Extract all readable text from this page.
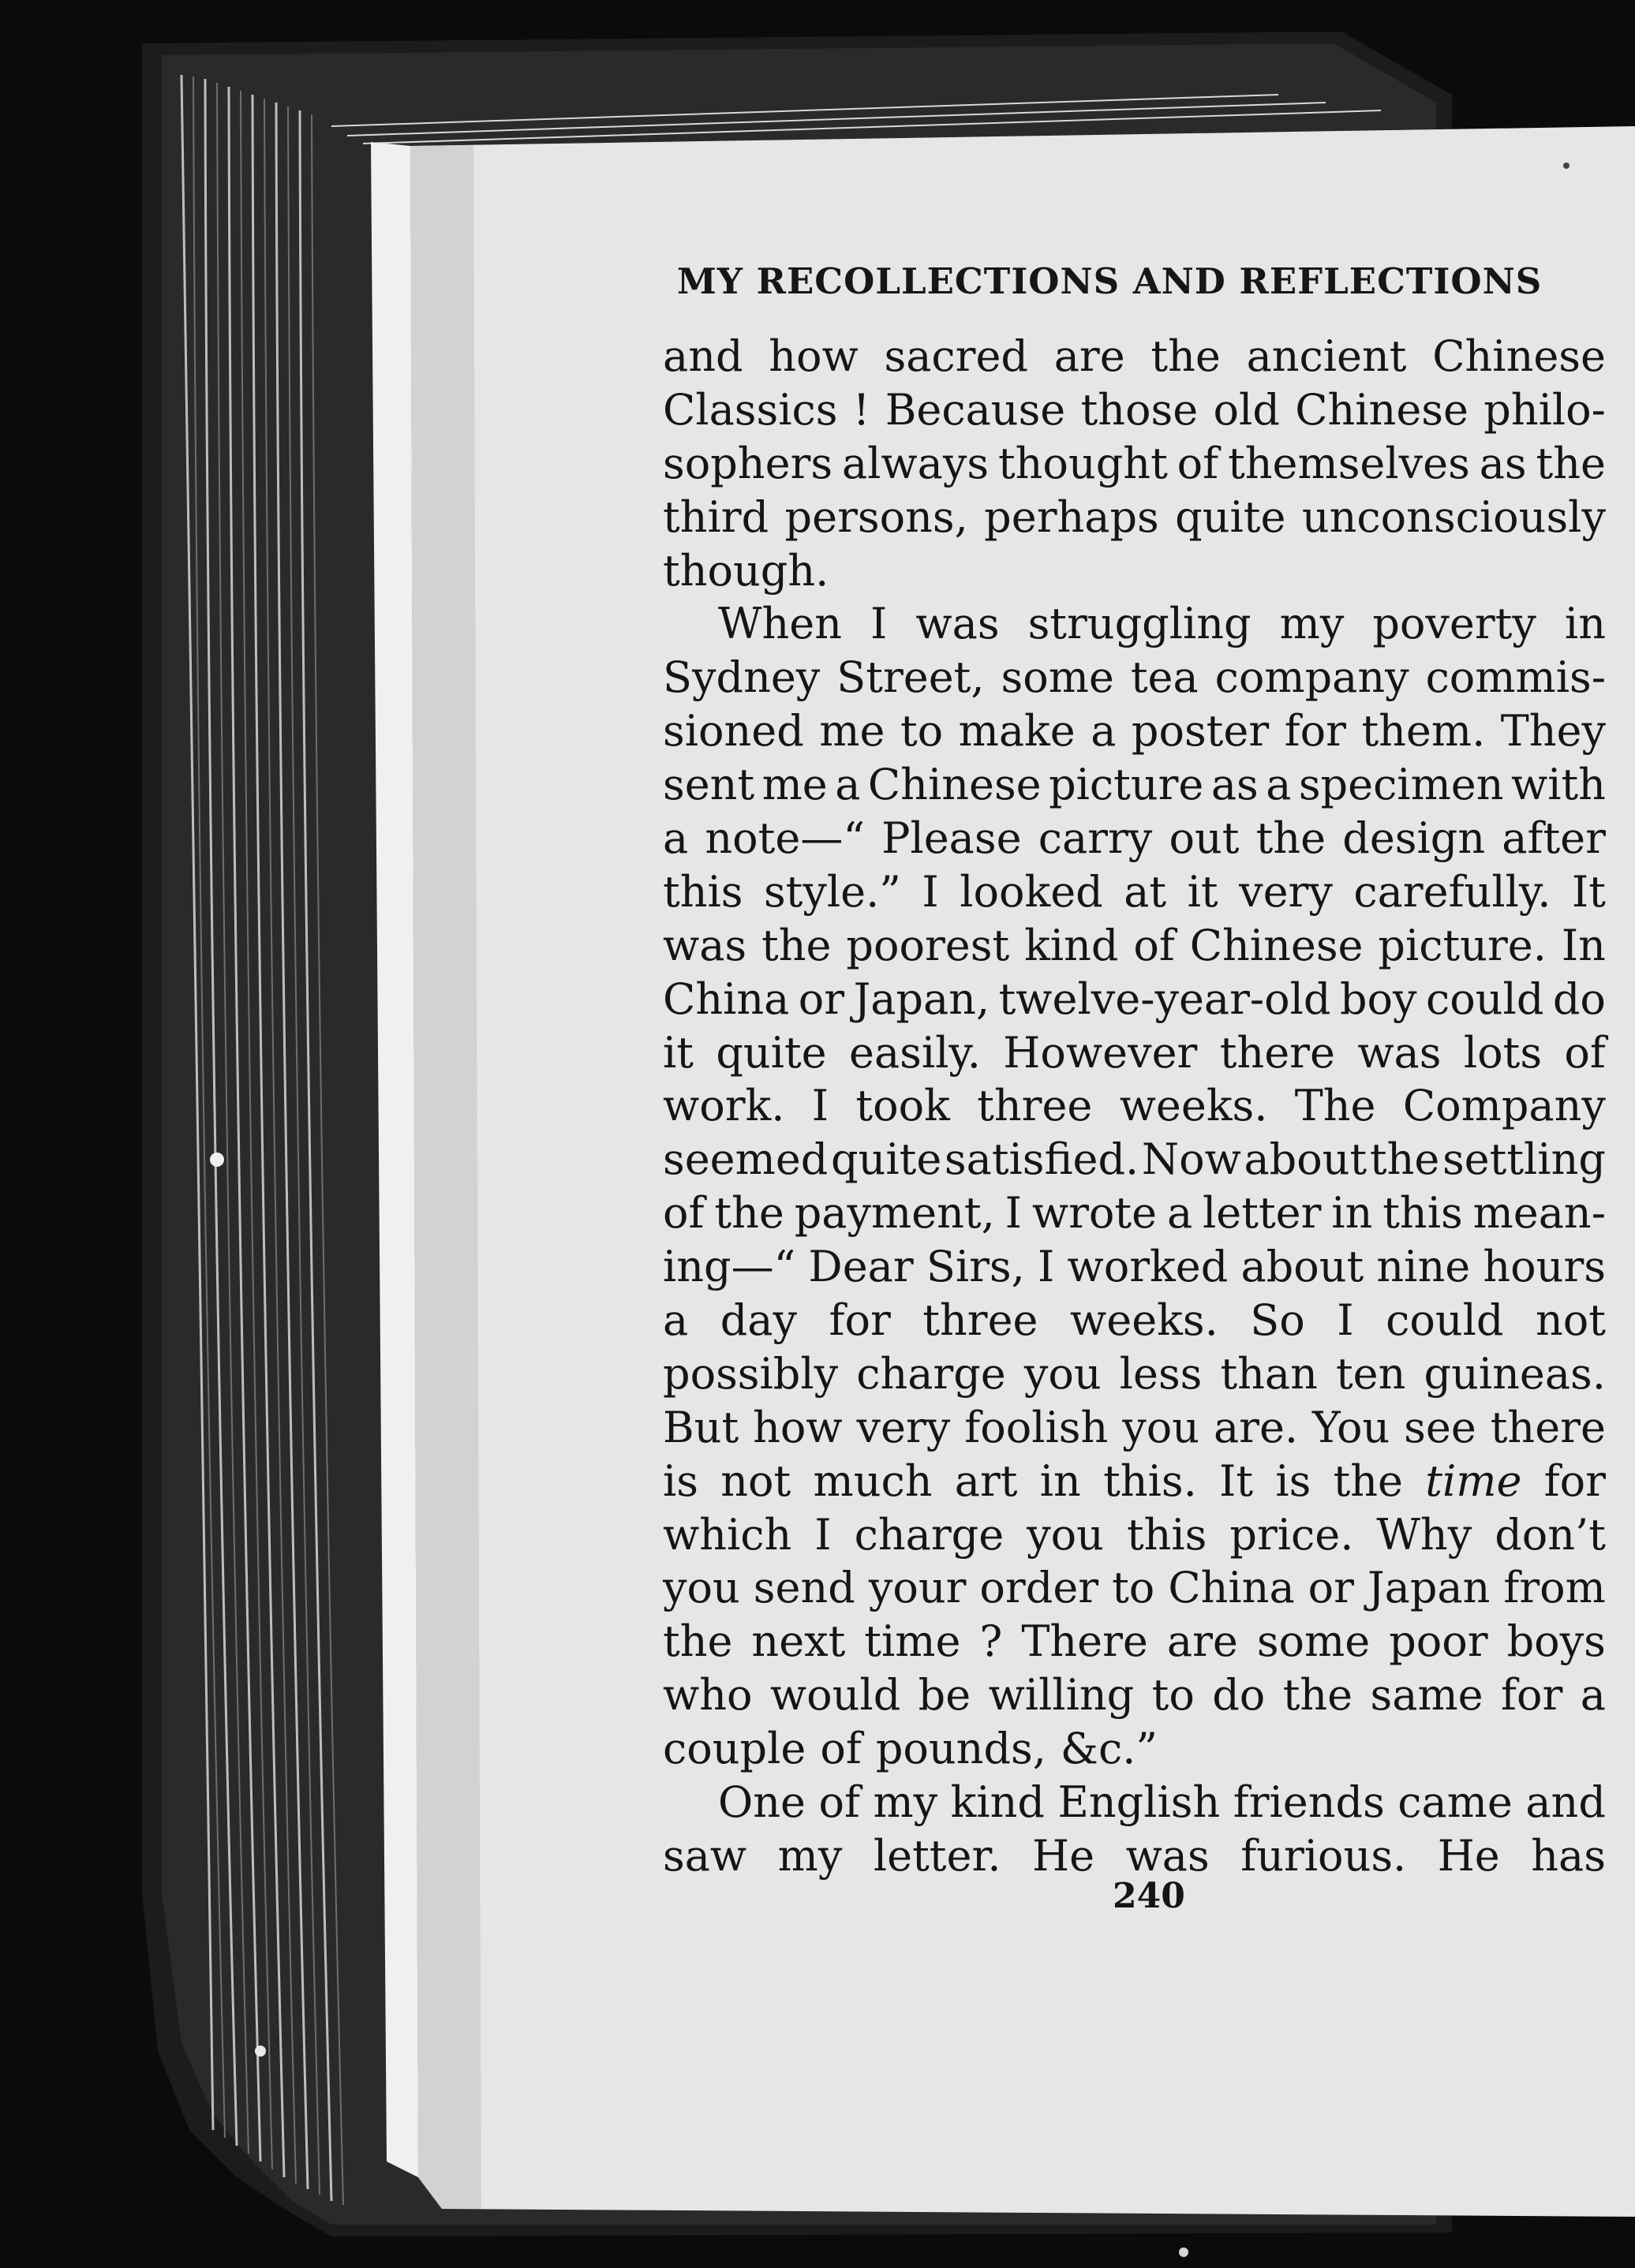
MY RECOLLECTIONS AND REFLECTIONS
and how sacred are the ancient Chinese
Classics ! Because those old Chinese philo-
sophers always thought of themselves as the
third persons, perhaps quite unconsciously
though.
When I was struggling my poverty in
Sydney Street, some tea company commis-
sioned me to make a poster for them. They
sent me a Chinese picture as a specimen with
a note—“ Please carry out the design after
this style.” I looked at it very carefully. It
was the poorest kind of Chinese picture. In
China or Japan, twelve-year-old boy could do
it quite easily. However there was lots of
work. I took three weeks. The Company
seemed quite satisfied. Now about the settling
of the payment, I wrote a letter in this mean-
ing—“ Dear Sirs, I worked about nine hours
a day for three weeks. So I could not
possibly charge you less than ten guineas.
But how very foolish you are. You see there
is not much art in this. It is the time for
which I charge you this price. Why don’t
you send your order to China or Japan from
the next time ? There are some poor boys
who would be willing to do the same for a
couple of pounds, &c.”
One of my kind English friends came and
saw my letter. He was furious. He has
240
